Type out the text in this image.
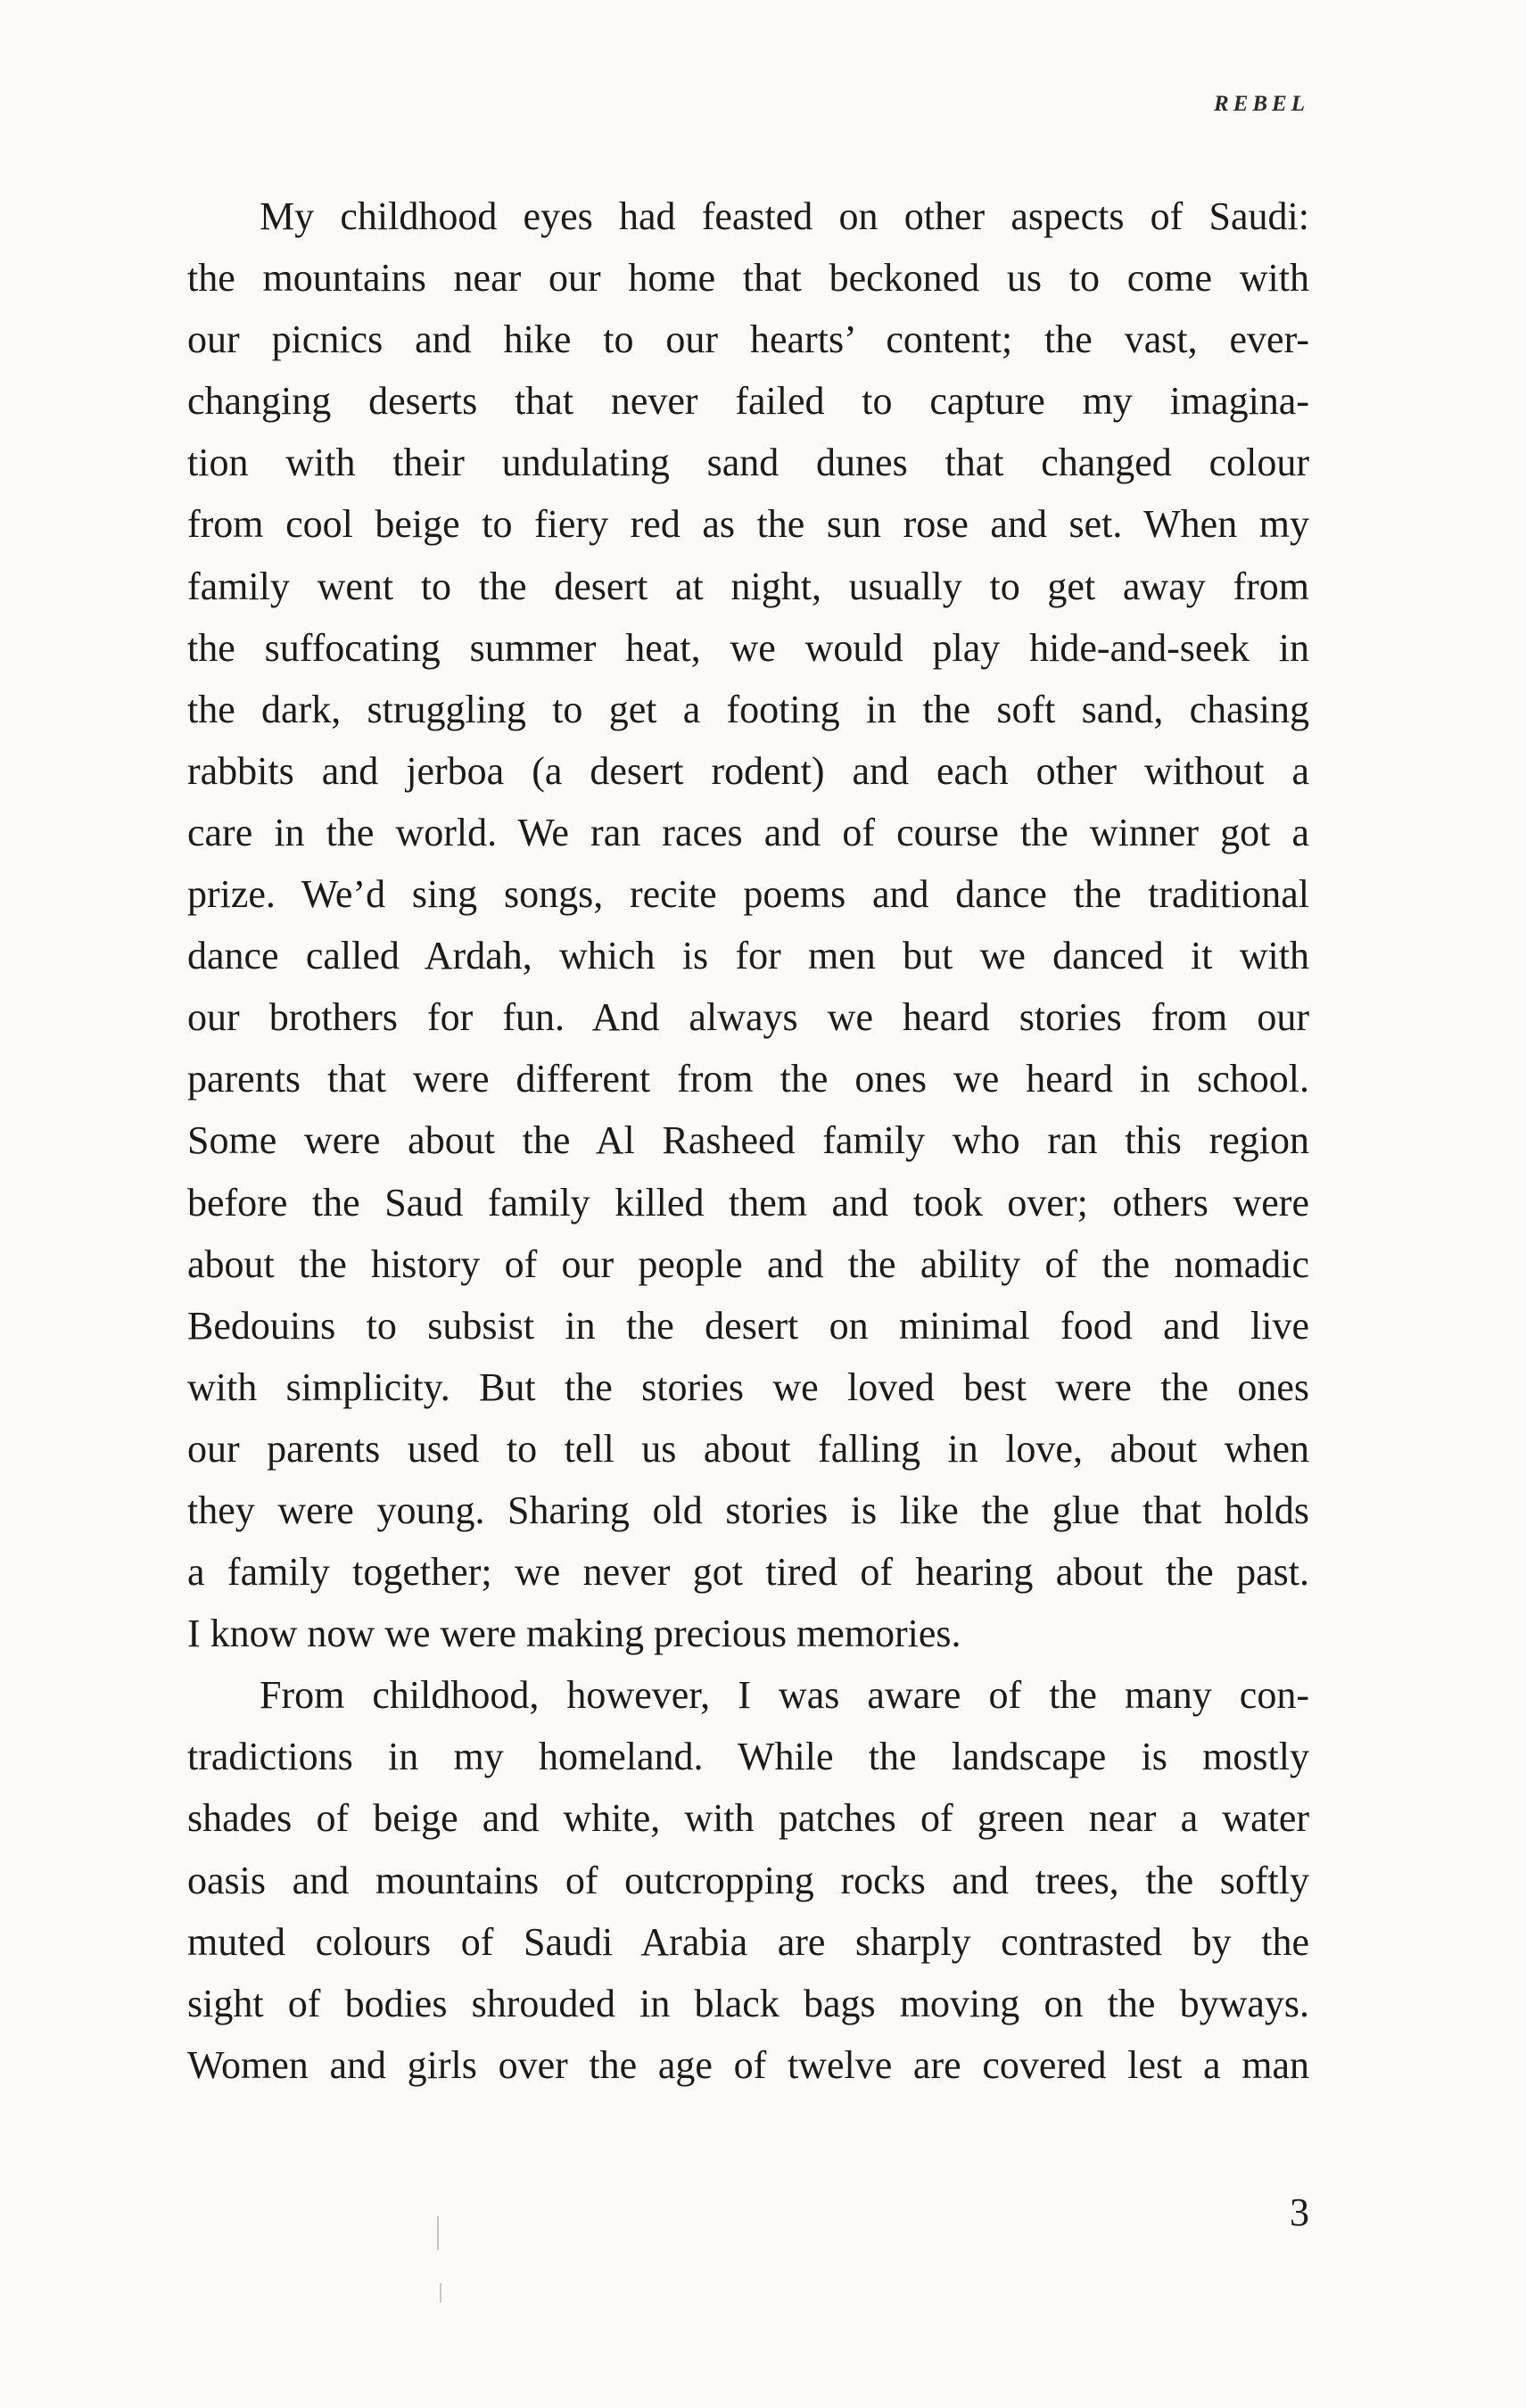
REBEL
My childhood eyes had feasted on other aspects of Saudi:
the mountains near our home that beckoned us to come with
our picnics and hike to our hearts’ content; the vast, ever-
changing deserts that never failed to capture my imagina-
tion with their undulating sand dunes that changed colour
from cool beige to fiery red as the sun rose and set. When my
family went to the desert at night, usually to get away from
the suffocating summer heat, we would play hide-and-seek in
the dark, struggling to get a footing in the soft sand, chasing
rabbits and jerboa (a desert rodent) and each other without a
care in the world. We ran races and of course the winner got a
prize. We’d sing songs, recite poems and dance the traditional
dance called Ardah, which is for men but we danced it with
our brothers for fun. And always we heard stories from our
parents that were different from the ones we heard in school.
Some were about the Al Rasheed family who ran this region
before the Saud family killed them and took over; others were
about the history of our people and the ability of the nomadic
Bedouins to subsist in the desert on minimal food and live
with simplicity. But the stories we loved best were the ones
our parents used to tell us about falling in love, about when
they were young. Sharing old stories is like the glue that holds
a family together; we never got tired of hearing about the past.
I know now we were making precious memories.
From childhood, however, I was aware of the many con-
tradictions in my homeland. While the landscape is mostly
shades of beige and white, with patches of green near a water
oasis and mountains of outcropping rocks and trees, the softly
muted colours of Saudi Arabia are sharply contrasted by the
sight of bodies shrouded in black bags moving on the byways.
Women and girls over the age of twelve are covered lest a man
3
